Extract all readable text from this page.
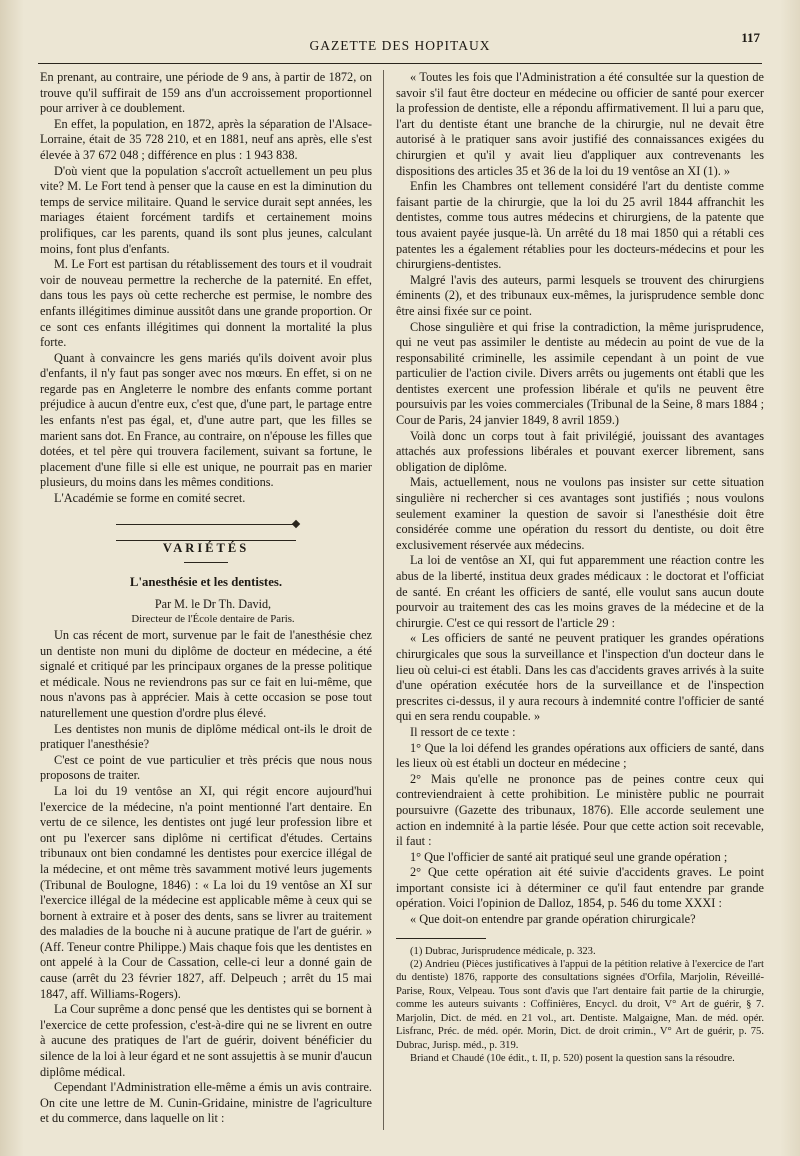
GAZETTE DES HOPITAUX
117

En prenant, au contraire, une période de 9 ans, à partir de 1872, on trouve qu'il suffirait de 159 ans d'un accroissement proportionnel pour arriver à ce doublement.

En effet, la population, en 1872, après la séparation de l'Alsace-Lorraine, était de 35 728 210, et en 1881, neuf ans après, elle s'est élevée à 37 672 048 ; différence en plus : 1 943 838.

D'où vient que la population s'accroît actuellement un peu plus vite? M. Le Fort tend à penser que la cause en est la diminution du temps de service militaire. Quand le service durait sept années, les mariages étaient forcément tardifs et certainement moins prolifiques, car les parents, quand ils sont plus jeunes, calculant moins, font plus d'enfants.

M. Le Fort est partisan du rétablissement des tours et il voudrait voir de nouveau permettre la recherche de la paternité. En effet, dans tous les pays où cette recherche est permise, le nombre des enfants illégitimes diminue aussitôt dans une grande proportion. Or ce sont ces enfants illégitimes qui donnent la mortalité la plus forte.

Quant à convaincre les gens mariés qu'ils doivent avoir plus d'enfants, il n'y faut pas songer avec nos mœurs. En effet, si on ne regarde pas en Angleterre le nombre des enfants comme portant préjudice à aucun d'entre eux, c'est que, d'une part, le partage entre les enfants n'est pas égal, et, d'une autre part, que les filles se marient sans dot. En France, au contraire, on n'épouse les filles que dotées, et tel père qui trouvera facilement, suivant sa fortune, le placement d'une fille si elle est unique, ne pourrait pas en marier plusieurs, du moins dans les mêmes conditions.

L'Académie se forme en comité secret.

VARIÉTÉS
L'anesthésie et les dentistes.

Par M. le Dr Th. David,

Directeur de l'École dentaire de Paris.

Un cas récent de mort, survenue par le fait de l'anesthésie chez un dentiste non muni du diplôme de docteur en médecine, a été signalé et critiqué par les principaux organes de la presse politique et médicale. Nous ne reviendrons pas sur ce fait en lui-même, que nous n'avons pas à apprécier. Mais à cette occasion se pose tout naturellement une question d'ordre plus élevé.

Les dentistes non munis de diplôme médical ont-ils le droit de pratiquer l'anesthésie?

C'est ce point de vue particulier et très précis que nous nous proposons de traiter.

La loi du 19 ventôse an XI, qui régit encore aujourd'hui l'exercice de la médecine, n'a point mentionné l'art dentaire. En vertu de ce silence, les dentistes ont jugé leur profession libre et ont pu l'exercer sans diplôme ni certificat d'études. Certains tribunaux ont bien condamné les dentistes pour exercice illégal de la médecine, et ont même très savamment motivé leurs jugements (Tribunal de Boulogne, 1846) : « La loi du 19 ventôse an XI sur l'exercice illégal de la médecine est applicable même à ceux qui se bornent à extraire et à poser des dents, sans se livrer au traitement des maladies de la bouche ni à aucune pratique de l'art de guérir. » (Aff. Teneur contre Philippe.) Mais chaque fois que les dentistes en ont appelé à la Cour de Cassation, celle-ci leur a donné gain de cause (arrêt du 23 février 1827, aff. Delpeuch ; arrêt du 15 mai 1847, aff. Williams-Rogers).

La Cour suprême a donc pensé que les dentistes qui se bornent à l'exercice de cette profession, c'est-à-dire qui ne se livrent en outre à aucune des pratiques de l'art de guérir, doivent bénéficier du silence de la loi à leur égard et ne sont assujettis à se munir d'aucun diplôme médical.

Cependant l'Administration elle-même a émis un avis contraire. On cite une lettre de M. Cunin-Gridaine, ministre de l'agriculture et du commerce, dans laquelle on lit :

« Toutes les fois que l'Administration a été consultée sur la question de savoir s'il faut être docteur en médecine ou officier de santé pour exercer la profession de dentiste, elle a répondu affirmativement. Il lui a paru que, l'art du dentiste étant une branche de la chirurgie, nul ne devait être autorisé à le pratiquer sans avoir justifié des connaissances exigées du chirurgien et qu'il y avait lieu d'appliquer aux contrevenants les dispositions des articles 35 et 36 de la loi du 19 ventôse an XI (1). »

Enfin les Chambres ont tellement considéré l'art du dentiste comme faisant partie de la chirurgie, que la loi du 25 avril 1844 affranchit les dentistes, comme tous autres médecins et chirurgiens, de la patente que tous avaient payée jusque-là. Un arrêté du 18 mai 1850 qui a rétabli ces patentes les a également rétablies pour les docteurs-médecins et pour les chirurgiens-dentistes.

Malgré l'avis des auteurs, parmi lesquels se trouvent des chirurgiens éminents (2), et des tribunaux eux-mêmes, la jurisprudence semble donc être ainsi fixée sur ce point.

Chose singulière et qui frise la contradiction, la même jurisprudence, qui ne veut pas assimiler le dentiste au médecin au point de vue de la responsabilité criminelle, les assimile cependant à un point de vue particulier de l'action civile. Divers arrêts ou jugements ont établi que les dentistes exercent une profession libérale et qu'ils ne peuvent être poursuivis par les voies commerciales (Tribunal de la Seine, 8 mars 1884 ; Cour de Paris, 24 janvier 1849, 8 avril 1859.)

Voilà donc un corps tout à fait privilégié, jouissant des avantages attachés aux professions libérales et pouvant exercer librement, sans obligation de diplôme.

Mais, actuellement, nous ne voulons pas insister sur cette situation singulière ni rechercher si ces avantages sont justifiés ; nous voulons seulement examiner la question de savoir si l'anesthésie doit être considérée comme une opération du ressort du dentiste, ou doit être exclusivement réservée aux médecins.

La loi de ventôse an XI, qui fut apparemment une réaction contre les abus de la liberté, institua deux grades médicaux : le doctorat et l'officiat de santé. En créant les officiers de santé, elle voulut sans aucun doute pourvoir au traitement des cas les moins graves de la médecine et de la chirurgie. C'est ce qui ressort de l'article 29 :

« Les officiers de santé ne peuvent pratiquer les grandes opérations chirurgicales que sous la surveillance et l'inspection d'un docteur dans le lieu où celui-ci est établi. Dans les cas d'accidents graves arrivés à la suite d'une opération exécutée hors de la surveillance et de l'inspection prescrites ci-dessus, il y aura recours à indemnité contre l'officier de santé qui en sera rendu coupable. »

Il ressort de ce texte :

1° Que la loi défend les grandes opérations aux officiers de santé, dans les lieux où est établi un docteur en médecine ;

2° Mais qu'elle ne prononce pas de peines contre ceux qui contreviendraient à cette prohibition. Le ministère public ne pourrait poursuivre (Gazette des tribunaux, 1876). Elle accorde seulement une action en indemnité à la partie lésée. Pour que cette action soit recevable, il faut :

1° Que l'officier de santé ait pratiqué seul une grande opération ;

2° Que cette opération ait été suivie d'accidents graves. Le point important consiste ici à déterminer ce qu'il faut entendre par grande opération. Voici l'opinion de Dalloz, 1854, p. 546 du tome XXXI :

« Que doit-on entendre par grande opération chirurgicale?

(1) Dubrac, Jurisprudence médicale, p. 323.

(2) Andrieu (Pièces justificatives à l'appui de la pétition relative à l'exercice de l'art du dentiste) 1876, rapporte des consultations signées d'Orfila, Marjolin, Réveillé-Parise, Roux, Velpeau. Tous sont d'avis que l'art dentaire fait partie de la chirurgie, comme les auteurs suivants : Coffinières, Encycl. du droit, V° Art de guérir, § 7. Marjolin, Dict. de méd. en 21 vol., art. Dentiste. Malgaigne, Man. de méd. opér. Lisfranc, Préc. de méd. opér. Morin, Dict. de droit crimin., V° Art de guérir, p. 75. Dubrac, Jurisp. méd., p. 319.

Briand et Chaudé (10e édit., t. II, p. 520) posent la question sans la résoudre.
